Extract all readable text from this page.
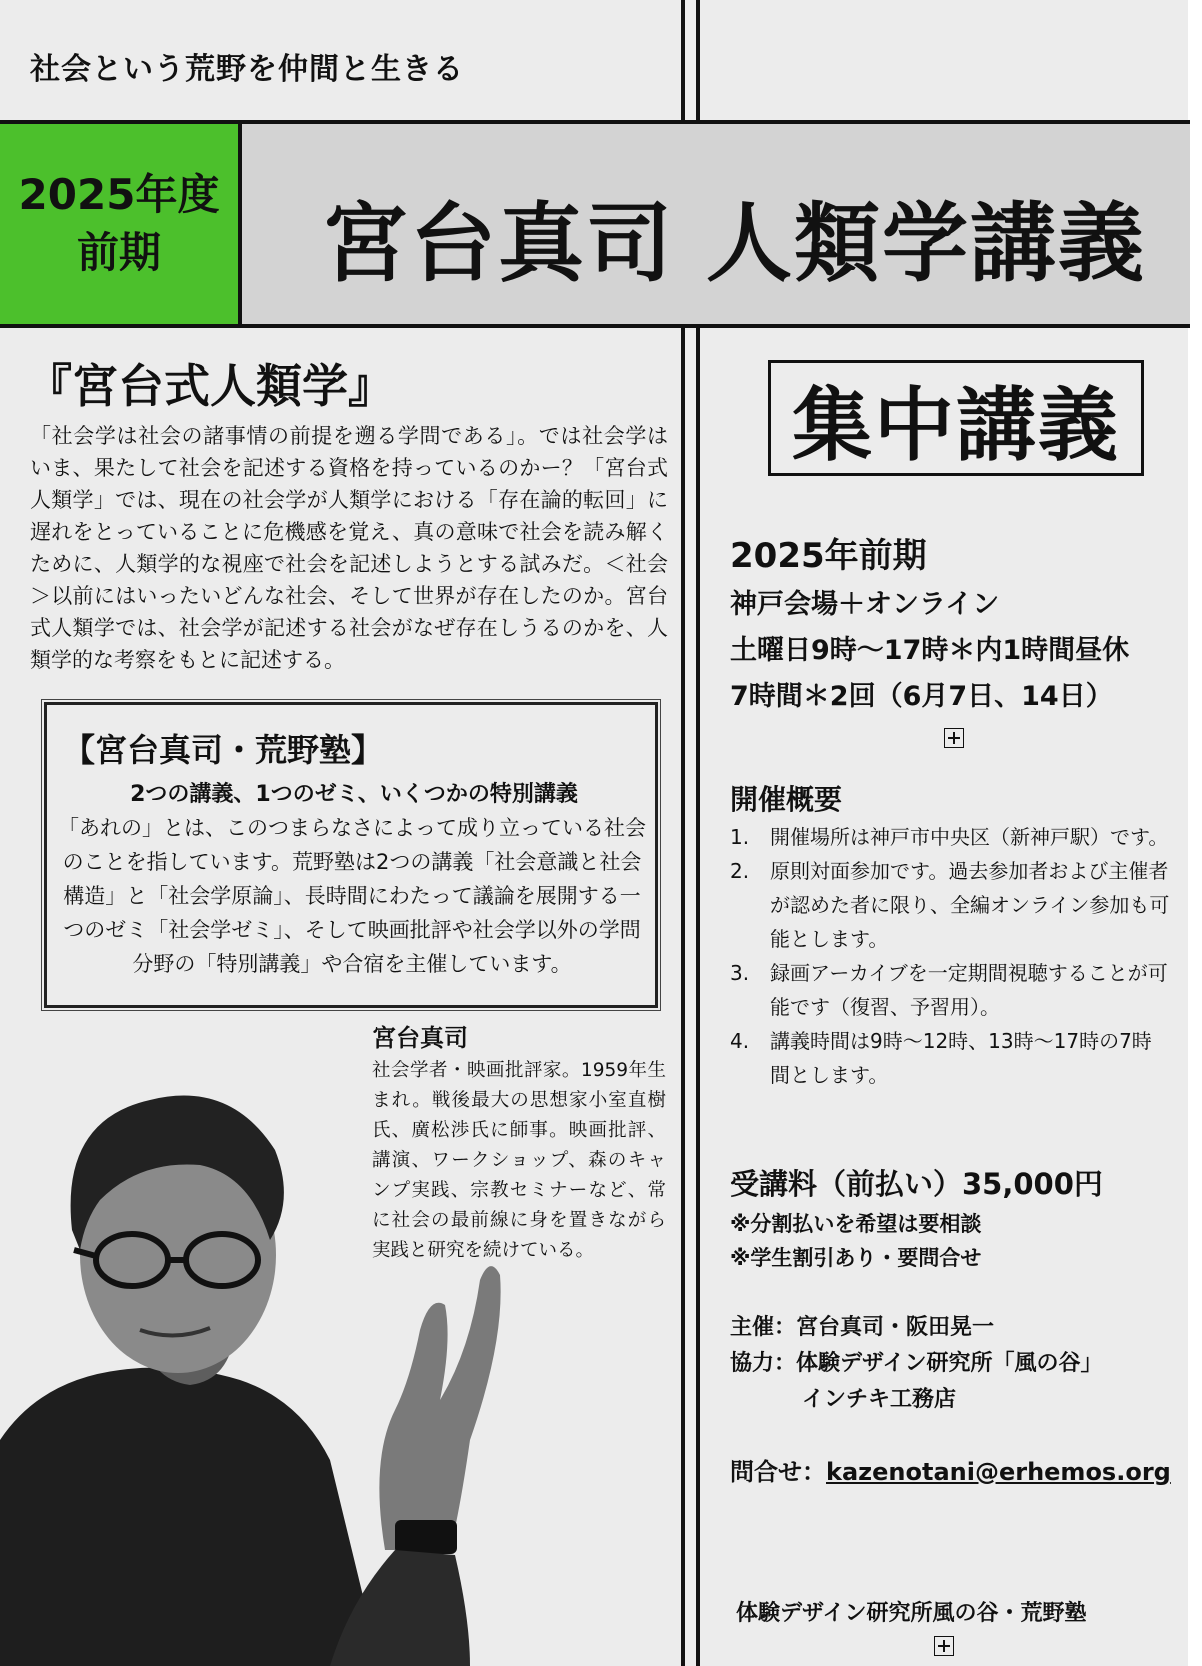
社会という荒野を仲間と生きる
2025年度
前期 宮台真司 人類学講義
『宮台式人類学』
「社会学は社会の諸事情の前提を遡る学問である」。では社会学はいま、果たして社会を記述する資格を持っているのかー？「宮台式人類学」では、現在の社会学が人類学における「存在論的転回」に遅れをとっていることに危機感を覚え、真の意味で社会を読み解くために、人類学的な視座で社会を記述しようとする試みだ。＜社会＞以前にはいったいどんな社会、そして世界が存在したのか。宮台式人類学では、社会学が記述する社会がなぜ存在しうるのかを、人類学的な考察をもとに記述する。
【宮台真司・荒野塾】
2つの講義、1つのゼミ、いくつかの特別講義
「あれの」とは、このつまらなさによって成り立っている社会のことを指しています。荒野塾は2つの講義「社会意識と社会構造」と「社会学原論」、長時間にわたって議論を展開する一つのゼミ「社会学ゼミ」、そして映画批評や社会学以外の学問分野の「特別講義」や合宿を主催しています。
宮台真司
社会学者・映画批評家。1959年生まれ。戦後最大の思想家小室直樹氏、廣松渉氏に師事。映画批評、講演、ワークショップ、森のキャンプ実践、宗教セミナーなど、常に社会の最前線に身を置きながら実践と研究を続けている。
集中講義
2025年前期
神戸会場＋オンライン
土曜日9時〜17時＊内1時間昼休
7時間＊2回（6月7日、14日）
開催概要
1. 開催場所は神戸市中央区（新神戸駅）です。
2. 原則対面参加です。過去参加者および主催者が認めた者に限り、全編オンライン参加も可能とします。
3. 録画アーカイブを一定期間視聴することが可能です（復習、予習用）。
4. 講義時間は9時〜12時、13時〜17時の7時間とします。
受講料（前払い）35,000円
※分割払いを希望は要相談
※学生割引あり・要問合せ
主催：宮台真司・阪田晃一
協力：体験デザイン研究所「風の谷」
インチキ工務店
問合せ：kazenotani@erhemos.org
体験デザイン研究所風の谷・荒野塾
